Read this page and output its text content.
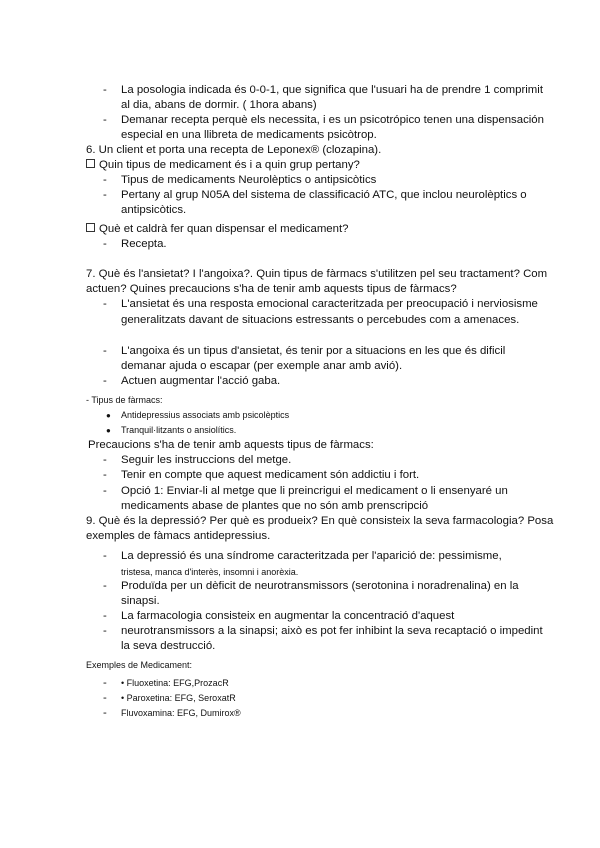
- La posologia indicada és 0-0-1, que significa que l'usuari ha de prendre 1 comprimit
al dia, abans de dormir. ( 1hora abans)
- Demanar recepta perquè els necessita, i es un psicotrópico tenen una dispensación
especial en una llibreta de medicaments psicòtrop.
6. Un client et porta una recepta de Leponex® (clozapina).
Quin tipus de medicament és i a quin grup pertany?
- Tipus de medicaments Neurolèptics o antipsicòtics
- Pertany al grup N05A del sistema de classificació ATC, que inclou neurolèptics o
antipsicòtics.
Què et caldrà fer quan dispensar el medicament?
- Recepta.
7. Què és l'ansietat? I l'angoixa?. Quin tipus de fàrmacs s'utilitzen pel seu tractament? Com
actuen? Quines precaucions s'ha de tenir amb aquests tipus de fàrmacs?
- L'ansietat és una resposta emocional caracteritzada per preocupació i nerviosisme
generalitzats davant de situacions estressants o percebudes com a amenaces.
- L'angoixa és un tipus d'ansietat, és tenir por a situacions en les que és dificil
demanar ajuda o escapar (per exemple anar amb avió).
- Actuen augmentar l'acció gaba.
- Tipus de fàrmacs:
● Antidepressius associats amb psicolèptics
● Tranquil·litzants o ansiolítics.
Precaucions s'ha de tenir amb aquests tipus de fàrmacs:
- Seguir les instruccions del metge.
- Tenir en compte que aquest medicament són addictiu i fort.
- Opció 1: Enviar-li al metge que li preincrigui el medicament o li ensenyaré un
medicaments abase de plantes que no són amb prenscripció
9. Què és la depressió? Per què es produeix? En què consisteix la seva farmacologia? Posa
exemples de fàmacs antidepressius.
- La depressió és una síndrome caracteritzada per l'aparició de: pessimisme,
tristesa, manca d'interès, insomni i anorèxia.
- Produïda per un dèficit de neurotransmissors (serotonina i noradrenalina) en la
sinapsi.
- La farmacologia consisteix en augmentar la concentració d'aquest
- neurotransmissors a la sinapsi; això es pot fer inhibint la seva recaptació o impedint
la seva destrucció.
Exemples de Medicament:
- • Fluoxetina: EFG,ProzacR
- • Paroxetina: EFG, SeroxatR
- Fluvoxamina: EFG, Dumirox®
